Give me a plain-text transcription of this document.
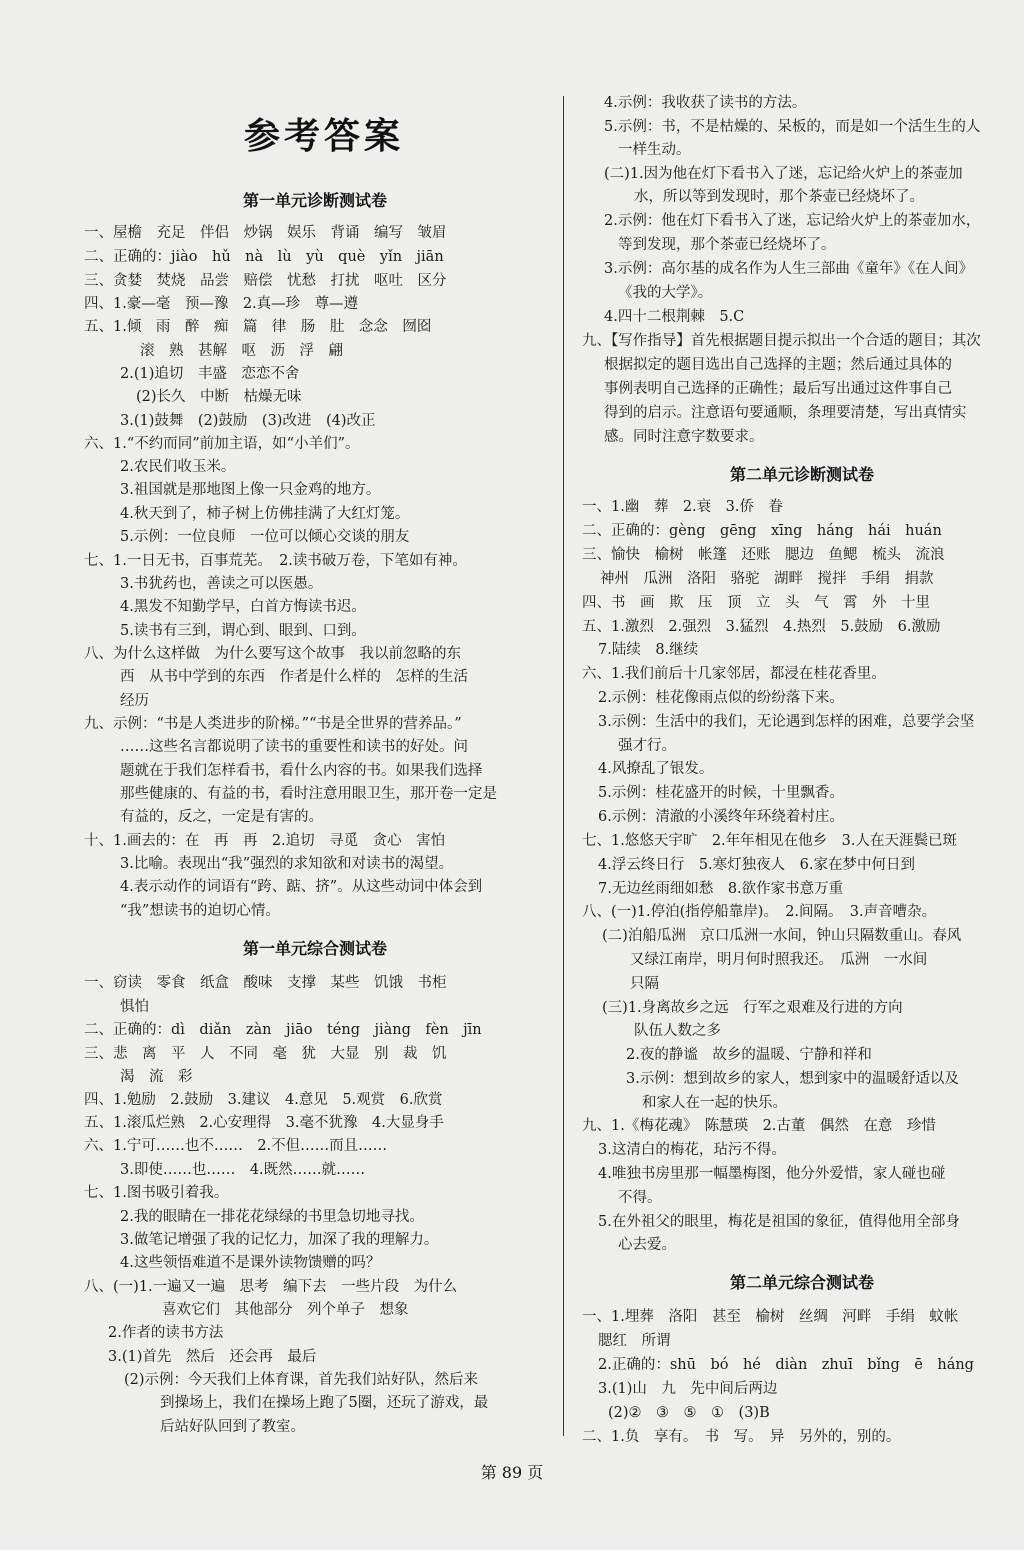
参考答案
第一单元诊断测试卷
一、屋檐　充足　伴侣　炒锅　娱乐　背诵　编写　皱眉
二、正确的：jiào　hǔ　nà　lù　yù　què　yǐn　jiān
三、贪婪　焚烧　品尝　赔偿　忧愁　打扰　呕吐　区分
四、1.豪—毫　预—豫　2.真—珍　尊—遵
五、1.倾　雨　醉　痴　篇　律　肠　肚　念念　囫囵
滚　熟　甚解　呕　沥　浮　翩
2.(1)追切　丰盛　恋恋不舍
(2)长久　中断　枯燥无味
3.(1)鼓舞　(2)鼓励　(3)改进　(4)改正
六、1.“不约而同”前加主语，如“小羊们”。
2.农民们收玉米。
3.祖国就是那地图上像一只金鸡的地方。
4.秋天到了，柿子树上仿佛挂满了大红灯笼。
5.示例：一位良师　一位可以倾心交谈的朋友
七、1.一日无书，百事荒芜。　2.读书破万卷，下笔如有神。
3.书犹药也，善读之可以医愚。
4.黑发不知勤学早，白首方悔读书迟。
5.读书有三到，谓心到、眼到、口到。
八、为什么这样做　为什么要写这个故事　我以前忽略的东
西　从书中学到的东西　作者是什么样的　怎样的生活
经历
九、示例：“书是人类进步的阶梯。”“书是全世界的营养品。”
……这些名言都说明了读书的重要性和读书的好处。问
题就在于我们怎样看书，看什么内容的书。如果我们选择
那些健康的、有益的书，看时注意用眼卫生，那开卷一定是
有益的，反之，一定是有害的。
十、1.画去的：在　再　再　2.追切　寻觅　贪心　害怕
3.比喻。表现出“我”强烈的求知欲和对读书的渴望。
4.表示动作的词语有“跨、踮、挤”。从这些动词中体会到
“我”想读书的迫切心情。
第一单元综合测试卷
一、窃读　零食　纸盒　酸味　支撑　某些　饥饿　书柜
惧怕
二、正确的：dì　diǎn　zàn　jiāo　téng　jiàng　fèn　jīn
三、悲　离　平　人　不同　毫　犹　大显　别　裁　饥
渴　流　彩
四、1.勉励　2.鼓励　3.建议　4.意见　5.观赏　6.欣赏
五、1.滚瓜烂熟　2.心安理得　3.毫不犹豫　4.大显身手
六、1.宁可……也不……　2.不但……而且……
3.即使……也……　4.既然……就……
七、1.图书吸引着我。
2.我的眼睛在一排花花绿绿的书里急切地寻找。
3.做笔记增强了我的记忆力，加深了我的理解力。
4.这些领悟难道不是课外读物馈赠的吗？
八、(一)1.一遍又一遍　思考　编下去　一些片段　为什么
喜欢它们　其他部分　列个单子　想象
2.作者的读书方法
3.(1)首先　然后　还会再　最后
(2)示例：今天我们上体育课，首先我们站好队，然后来
到操场上，我们在操场上跑了5圈，还玩了游戏，最
后站好队回到了教室。
4.示例：我收获了读书的方法。
5.示例：书，不是枯燥的、呆板的，而是如一个活生生的人
一样生动。
(二)1.因为他在灯下看书入了迷，忘记给火炉上的茶壶加
水，所以等到发现时，那个茶壶已经烧坏了。
2.示例：他在灯下看书入了迷，忘记给火炉上的茶壶加水，
等到发现，那个茶壶已经烧坏了。
3.示例：高尔基的成名作为人生三部曲《童年》《在人间》
《我的大学》。
4.四十二根荆棘　5.C
九、【写作指导】首先根据题目提示拟出一个合适的题目；其次
根据拟定的题目选出自己选择的主题；然后通过具体的
事例表明自己选择的正确性；最后写出通过这件事自己
得到的启示。注意语句要通顺，条理要清楚，写出真情实
感。同时注意字数要求。
第二单元诊断测试卷
一、1.幽　葬　2.衰　3.侨　眷
二、正确的：gèng　gēng　xīng　háng　hái　huán
三、愉快　榆树　帐篷　还账　腮边　鱼鳃　梳头　流浪
神州　瓜洲　洛阳　骆驼　湖畔　搅拌　手绢　捐款
四、书　画　欺　压　顶　立　头　气　霄　外　十里
五、1.激烈　2.强烈　3.猛烈　4.热烈　5.鼓励　6.激励
7.陆续　8.继续
六、1.我们前后十几家邻居，都浸在桂花香里。
2.示例：桂花像雨点似的纷纷落下来。
3.示例：生活中的我们，无论遇到怎样的困难，总要学会坚
强才行。
4.风撩乱了银发。
5.示例：桂花盛开的时候，十里飘香。
6.示例：清澈的小溪终年环绕着村庄。
七、1.悠悠天宇旷　2.年年相见在他乡　3.人在天涯鬓已斑
4.浮云终日行　5.寒灯独夜人　6.家在梦中何日到
7.无边丝雨细如愁　8.欲作家书意万重
八、(一)1.停泊(指停船靠岸)。　2.间隔。　3.声音嘈杂。
(二)泊船瓜洲　京口瓜洲一水间，钟山只隔数重山。春风
又绿江南岸，明月何时照我还。　瓜洲　一水间
只隔
(三)1.身离故乡之远　行军之艰难及行进的方向
队伍人数之多
2.夜的静谧　故乡的温暖、宁静和祥和
3.示例：想到故乡的家人，想到家中的温暖舒适以及
和家人在一起的快乐。
九、1.《梅花魂》　陈慧瑛　2.古董　偶然　在意　珍惜
3.这清白的梅花，玷污不得。
4.唯独书房里那一幅墨梅图，他分外爱惜，家人碰也碰
不得。
5.在外祖父的眼里，梅花是祖国的象征，值得他用全部身
心去爱。
第二单元综合测试卷
一、1.埋葬　洛阳　甚至　榆树　丝绸　河畔　手绢　蚊帐
腮红　所谓
2.正确的：shū　bó　hé　diàn　zhuī　bǐng　ē　háng
3.(1)山　九　先中间后两边
(2)②　③　⑤　①　(3)B
二、1.负　享有。　书　写。　异　另外的，别的。
第 89 页
